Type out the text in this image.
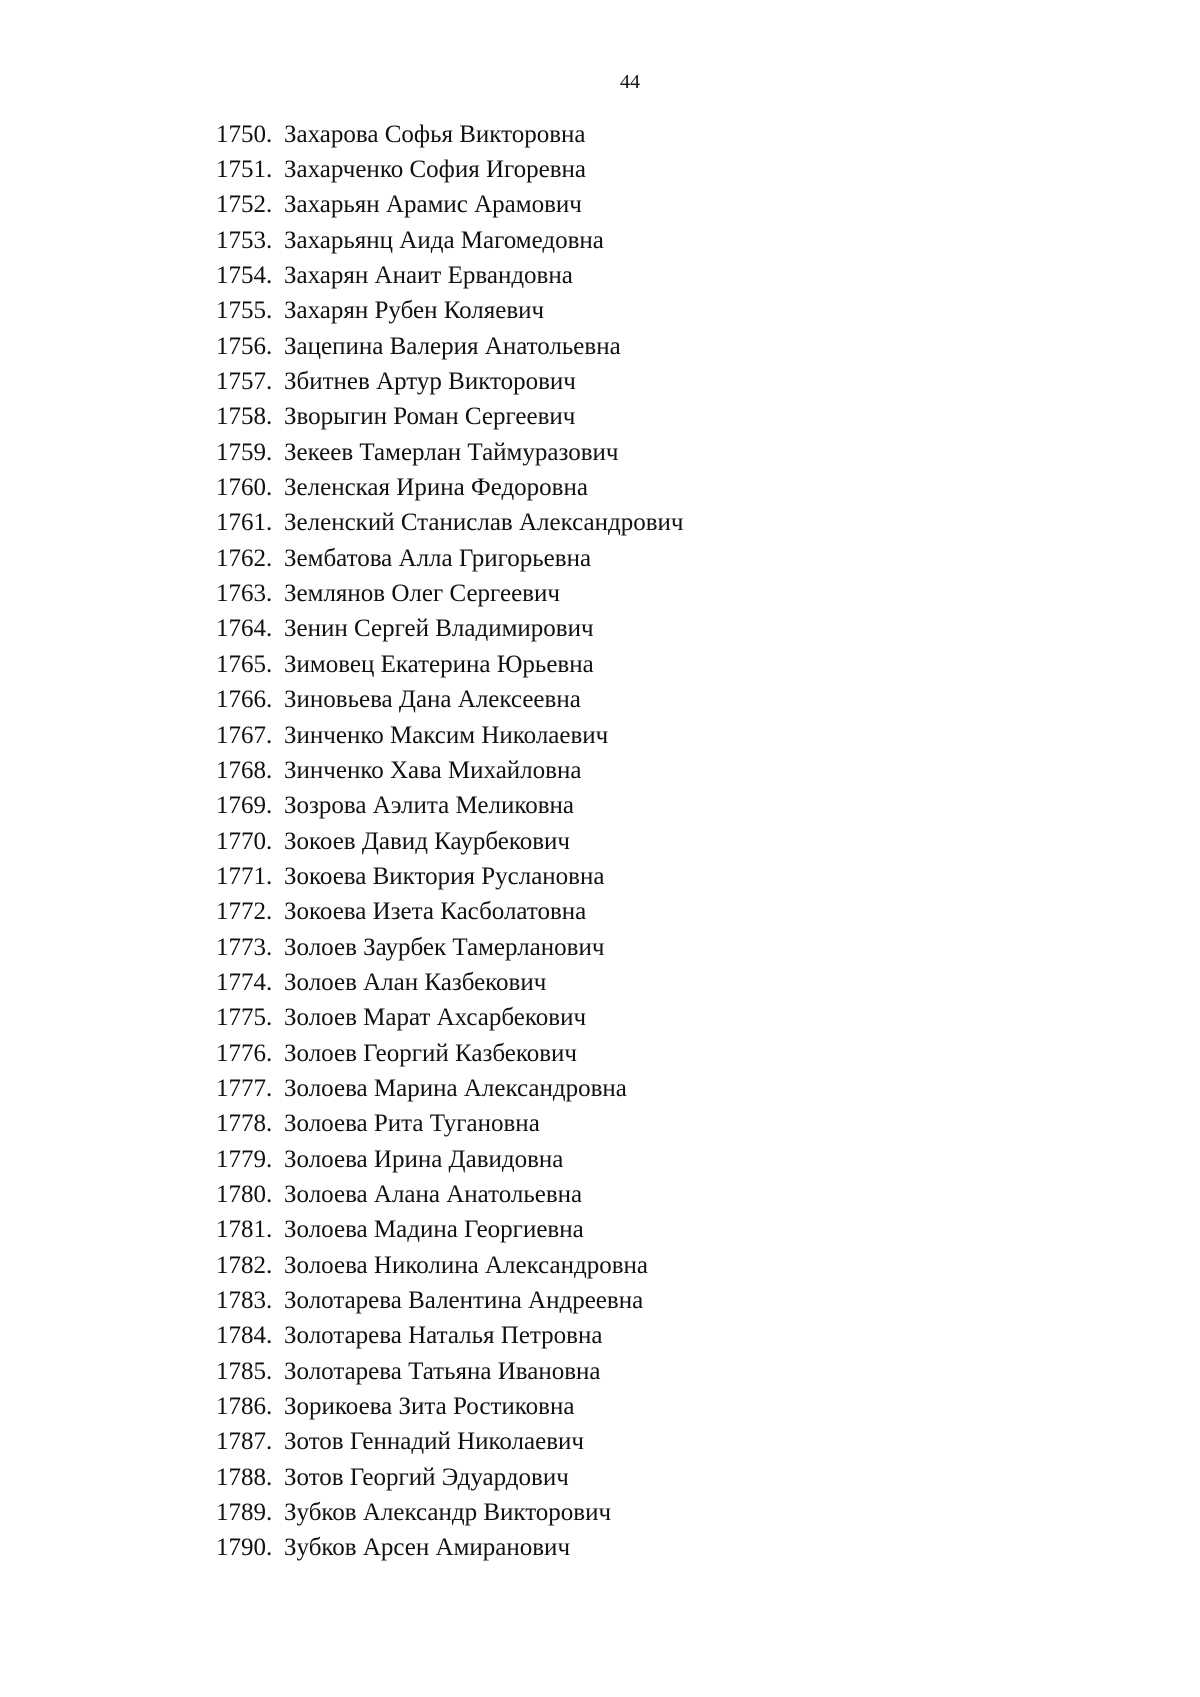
44
1750. Захарова Софья Викторовна
1751. Захарченко София Игоревна
1752. Захарьян Арамис Арамович
1753. Захарьянц Аида Магомедовна
1754. Захарян Анаит Ервандовна
1755. Захарян Рубен Коляевич
1756. Зацепина Валерия Анатольевна
1757. Збитнев Артур Викторович
1758. Зворыгин Роман Сергеевич
1759. Зекеев Тамерлан Таймуразович
1760. Зеленская Ирина Федоровна
1761. Зеленский Станислав Александрович
1762. Зембатова Алла Григорьевна
1763. Землянов Олег Сергеевич
1764. Зенин Сергей Владимирович
1765. Зимовец Екатерина Юрьевна
1766. Зиновьева Дана Алексеевна
1767. Зинченко Максим Николаевич
1768. Зинченко Хава Михайловна
1769. Зозрова Аэлита Меликовна
1770. Зокоев Давид Каурбекович
1771. Зокоева Виктория Руслановна
1772. Зокоева Изета Касболатовна
1773. Золоев Заурбек Тамерланович
1774. Золоев Алан Казбекович
1775. Золоев Марат Ахсарбекович
1776. Золоев Георгий Казбекович
1777. Золоева Марина Александровна
1778. Золоева Рита Тугановна
1779. Золоева Ирина Давидовна
1780. Золоева Алана Анатольевна
1781. Золоева Мадина Георгиевна
1782. Золоева Николина Александровна
1783. Золотарева Валентина Андреевна
1784. Золотарева Наталья Петровна
1785. Золотарева Татьяна Ивановна
1786. Зорикоева Зита Ростиковна
1787. Зотов Геннадий Николаевич
1788. Зотов Георгий Эдуардович
1789. Зубков Александр Викторович
1790. Зубков Арсен Амиранович
